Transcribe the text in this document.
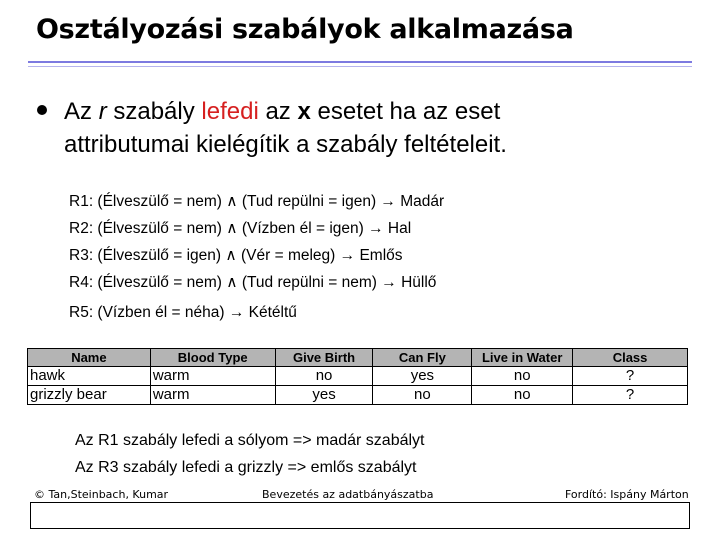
Osztályozási szabályok alkalmazása
Az r szabály lefedi az x esetet ha az eset attributumai kielégítik a szabály feltételeit.
R1: (Élveszülő = nem) ∧ (Tud repülni = igen) → Madár
R2: (Élveszülő = nem) ∧ (Vízben él = igen) → Hal
R3: (Élveszülő = igen) ∧ (Vér = meleg) → Emlős
R4: (Élveszülő = nem) ∧ (Tud repülni = nem) → Hüllő
R5: (Vízben él = néha) → Kétéltű
Name	Blood Type	Give Birth	Can Fly	Live in Water	Class
hawk	warm	no	yes	no	?
grizzly bear	warm	yes	no	no	?
Az R1 szabály lefedi a sólyom => madár szabályt
Az R3 szabály lefedi a grizzly => emlős szabályt
© Tan,Steinbach, Kumar	Bevezetés az adatbányászatba	Fordító: Ispány Márton
